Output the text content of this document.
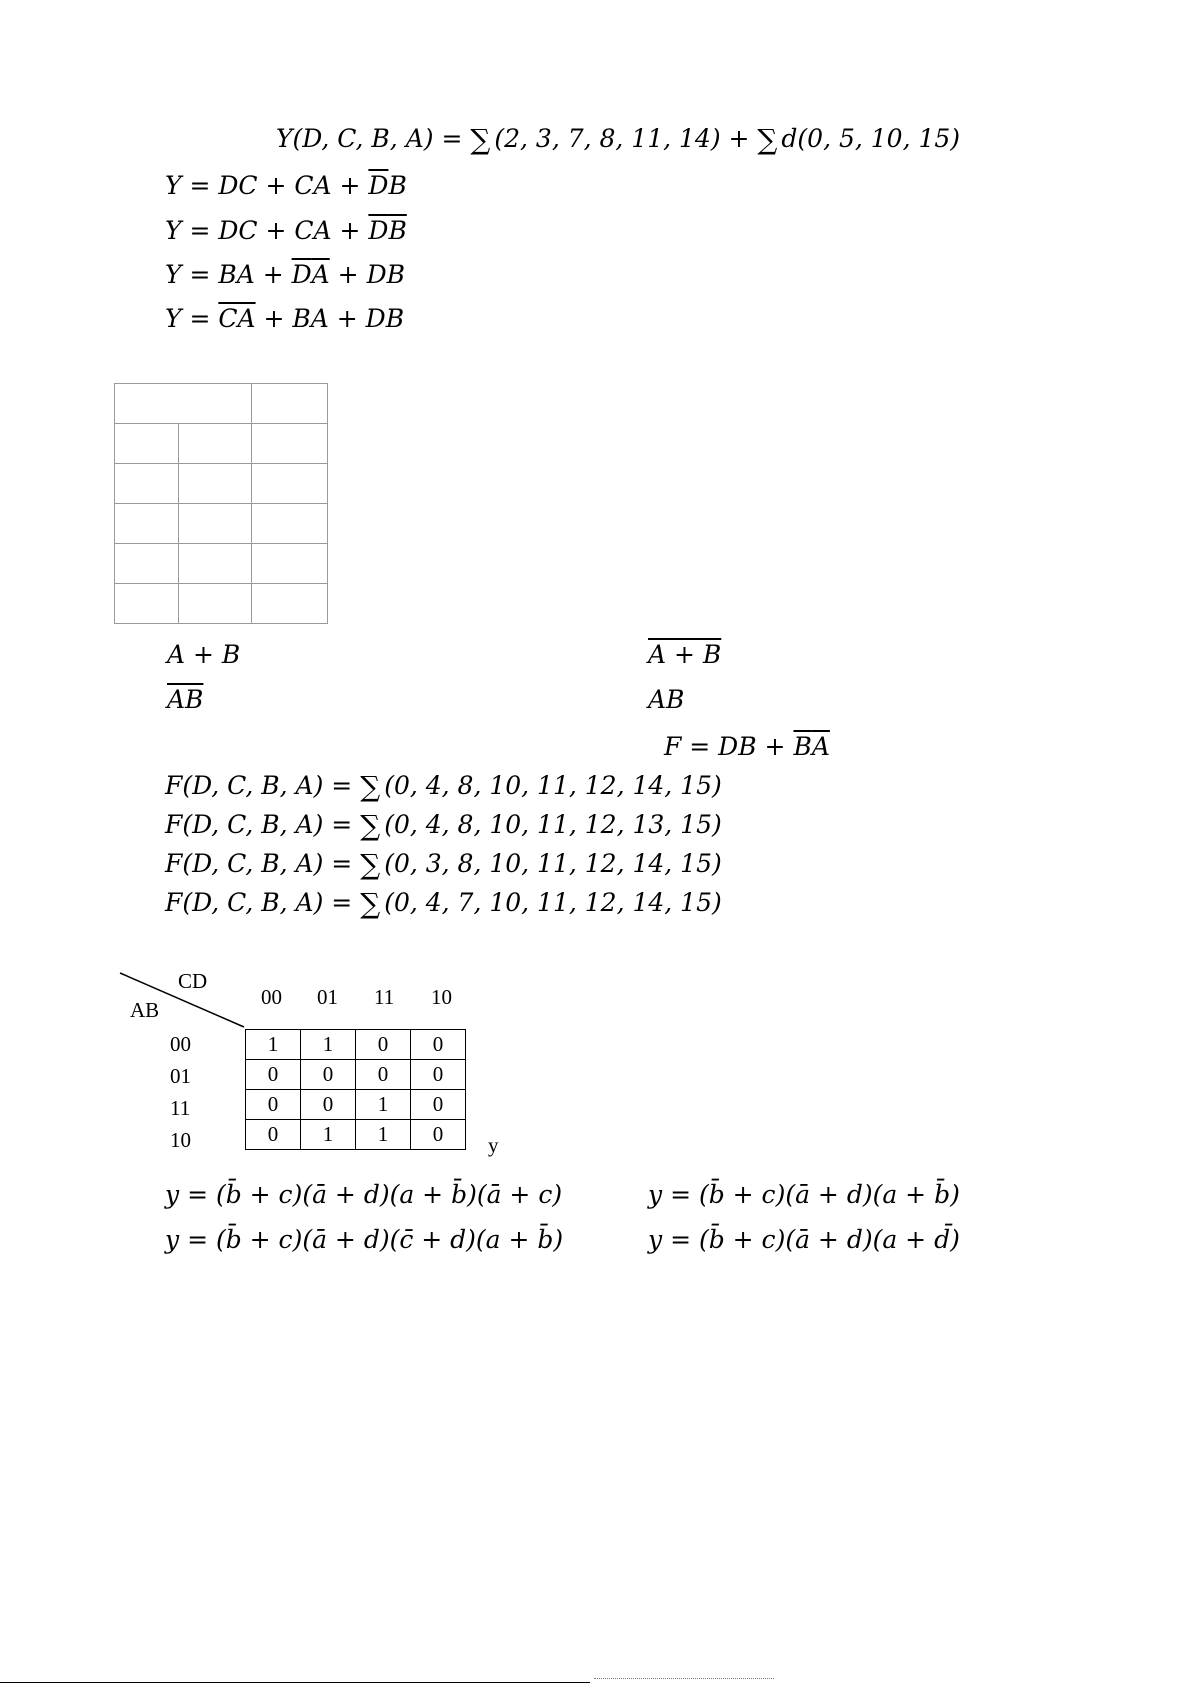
Y(D, C, B, A) = ∑ (2, 3, 7, 8, 11, 14) + ∑ d(0, 5, 10, 15)
Y = DC + CA + $\overline{D}B$
Y = DC + CA + $\overline{D}\overline{B}$
Y = BA + $\overline{D}\overline{A}$ + DB
$Y = \overline{C}\overline{A}$ + BA + DB

A + B	A + B
$\overline{AB}$	AB
F = DB + $\overline{B}\overline{A}$
F(D, C, B, A) = ∑ (0, 4, 8, 10, 11, 12, 14, 15)
F(D, C, B, A) = ∑ (0, 4, 8, 10, 11, 12, 13, 15)
F(D, C, B, A) = ∑ (0, 3, 8, 10, 11, 12, 14, 15)
F(D, C, B, A) = ∑ (0, 4, 7, 10, 11, 12, 14, 15)
CD
AB
00 01 11 10
00
01
11
10
1	1	0	0
0	0	0	0
0	0	1	0
0	1	1	0 y
y = (b̄ + c)(ā + d)(a + b̄)(ā + c)	y = (b̄ + c)(ā + d)(a + b̄)
y = (b̄ + c)(ā + d)(c̄ + d)(a + b̄)	y = (b̄ + c)(ā + d)(a + d̄)
